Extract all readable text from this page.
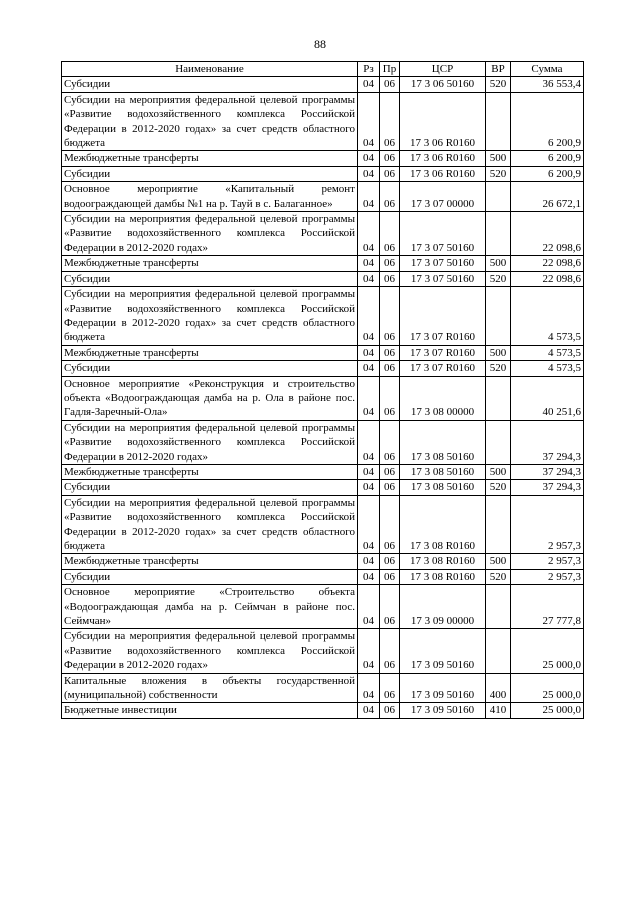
88
Наименование	Рз	Пр	ЦСР	ВР	Сумма
Субсидии	04	06	17 3 06 50160	520	36 553,4
Субсидии на мероприятия федеральной целевой программы «Развитие водохозяйственного комплекса Российской Федерации в 2012-2020 годах» за счет средств областного бюджета	04	06	17 3 06 R0160		6 200,9
Межбюджетные трансферты	04	06	17 3 06 R0160	500	6 200,9
Субсидии	04	06	17 3 06 R0160	520	6 200,9
Основное мероприятие «Капитальный ремонт водоограждающей дамбы №1 на р. Тауй в с. Балаганное»	04	06	17 3 07 00000		26 672,1
Субсидии на мероприятия федеральной целевой программы «Развитие водохозяйственного комплекса Российской Федерации в 2012-2020 годах»	04	06	17 3 07 50160		22 098,6
Межбюджетные трансферты	04	06	17 3 07 50160	500	22 098,6
Субсидии	04	06	17 3 07 50160	520	22 098,6
Субсидии на мероприятия федеральной целевой программы «Развитие водохозяйственного комплекса Российской Федерации в 2012-2020 годах» за счет средств областного бюджета	04	06	17 3 07 R0160		4 573,5
Межбюджетные трансферты	04	06	17 3 07 R0160	500	4 573,5
Субсидии	04	06	17 3 07 R0160	520	4 573,5
Основное мероприятие «Реконструкция и строительство объекта «Водоограждающая дамба на р. Ола в районе пос. Гадля-Заречный-Ола»	04	06	17 3 08 00000		40 251,6
Субсидии на мероприятия федеральной целевой программы «Развитие водохозяйственного комплекса Российской Федерации в 2012-2020 годах»	04	06	17 3 08 50160		37 294,3
Межбюджетные трансферты	04	06	17 3 08 50160	500	37 294,3
Субсидии	04	06	17 3 08 50160	520	37 294,3
Субсидии на мероприятия федеральной целевой программы «Развитие водохозяйственного комплекса Российской Федерации в 2012-2020 годах» за счет средств областного бюджета	04	06	17 3 08 R0160		2 957,3
Межбюджетные трансферты	04	06	17 3 08 R0160	500	2 957,3
Субсидии	04	06	17 3 08 R0160	520	2 957,3
Основное мероприятие «Строительство объекта «Водоограждающая дамба на р. Сеймчан в районе пос. Сеймчан»	04	06	17 3 09 00000		27 777,8
Субсидии на мероприятия федеральной целевой программы «Развитие водохозяйственного комплекса Российской Федерации в 2012-2020 годах»	04	06	17 3 09 50160		25 000,0
Капитальные вложения в объекты государственной (муниципальной) собственности	04	06	17 3 09 50160	400	25 000,0
Бюджетные инвестиции	04	06	17 3 09 50160	410	25 000,0
